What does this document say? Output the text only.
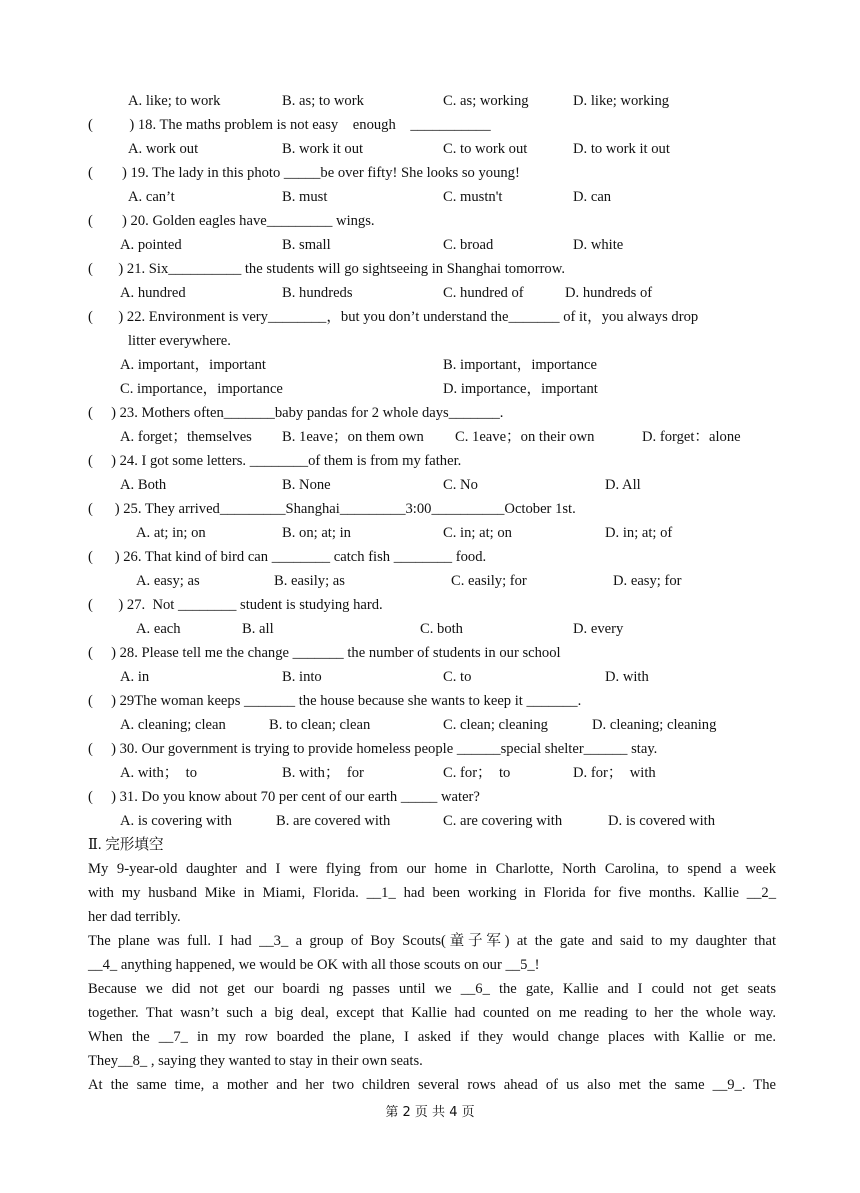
A. like; to work	B. as; to work	C. as; working	D. like; working
(          ) 18. The maths problem is not easy    enough    ___________
A. work out	B. work it out	C. to work out	D. to work it out
(        ) 19. The lady in this photo _____be over fifty! She looks so young!
A. can’t	B. must	C. mustn't	D. can
(        ) 20. Golden eagles have_________ wings.
A. pointed	B. small	C. broad	D. white
(       ) 21. Six__________ the students will go sightseeing in Shanghai tomorrow.
A. hundred	B. hundreds	C. hundred of	D. hundreds of
(       ) 22. Environment is very________，but you don’t understand the_______ of it，you always drop
litter everywhere.
A. important，important	B. important，importance
C. importance，importance	D. importance，important
(     ) 23. Mothers often_______baby pandas for 2 whole days_______.
A. forget；themselves B. 1eave；on them own C. 1eave；on their own	D. forget：alone
(     ) 24. I got some letters. ________of them is from my father.
A. Both	B. None	C. No	D. All
(      ) 25. They arrived_________Shanghai_________3:00__________October 1st.
A. at; in; on	B. on; at; in	C. in; at; on	D. in; at; of
(      ) 26. That kind of bird can ________ catch fish ________ food.
A. easy; as	B. easily; as	C. easily; for	D. easy; for
(       ) 27.  Not ________ student is studying hard.
A. each	B. all	C. both	D. every
(     ) 28. Please tell me the change _______ the number of students in our school
A. in	B. into	C. to	D. with
(     ) 29The woman keeps _______ the house because she wants to keep it _______.
A. cleaning; clean	B. to clean; clean	C. clean; cleaning	D. cleaning; cleaning
(     ) 30. Our government is trying to provide homeless people ______special shelter______ stay.
A. with；  to	B. with；  for	C. for；  to	D. for；  with
(     ) 31. Do you know about 70 per cent of our earth _____ water?
A. is covering with	B. are covered with	C. are covering with	D. is covered with
Ⅱ. 完形填空
My 9-year-old daughter and I were flying from our home in Charlotte, North Carolina, to spend a week
with my husband Mike in Miami, Florida. __1_ had been working in Florida for five months. Kallie __2_
her dad terribly.
The plane was full. I had __3_ a group of Boy Scouts(童子军) at the gate and said to my daughter that
__4_ anything happened, we would be OK with all those scouts on our __5_!
Because we did not get our boardi ng passes until we __6_ the gate, Kallie and I could not get seats
together. That wasn’t such a big deal, except that Kallie had counted on me reading to her the whole way.
When the __7_ in my row boarded the plane, I asked if they would change places with Kallie or me.
They__8_ , saying they wanted to stay in their own seats.
At the same time, a mother and her two children several rows ahead of us also met the same __9_. The
第 2 页 共 4 页
